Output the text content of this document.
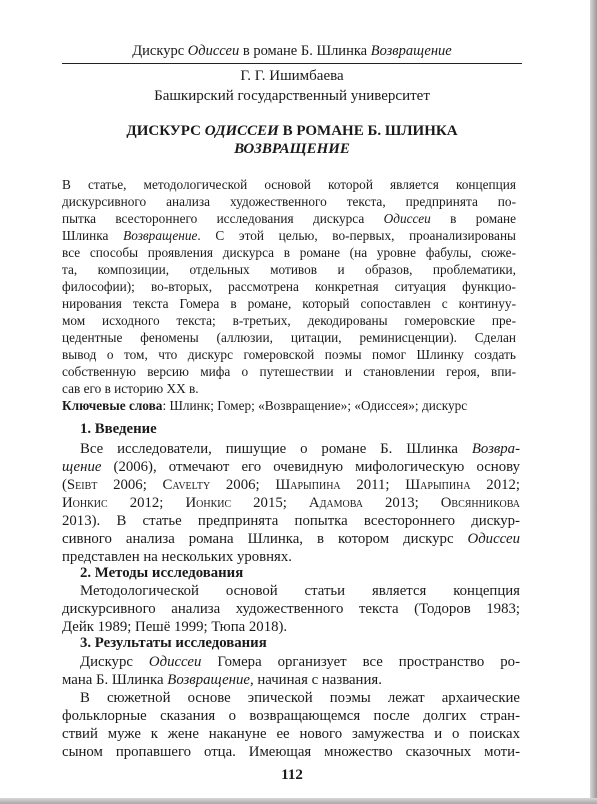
Дискурс Одиссеи в романе Б. Шлинка Возвращение
Г. Г. Ишимбаева
Башкирский государственный университет
ДИСКУРС ОДИССЕИ В РОМАНЕ Б. ШЛИНКА
ВОЗВРАЩЕНИЕ
В статье, методологической основой которой является концепция
дискурсивного анализа художественного текста, предпринята по-
пытка всестороннего исследования дискурса Одиссеи в романе
Шлинка Возвращение. С этой целью, во-первых, проанализированы
все способы проявления дискурса в романе (на уровне фабулы, сюже-
та, композиции, отдельных мотивов и образов, проблематики,
философии); во-вторых, рассмотрена конкретная ситуация функцио-
нирования текста Гомера в романе, который сопоставлен с континуу-
мом исходного текста; в-третьих, декодированы гомеровские пре-
цедентные феномены (аллюзии, цитации, реминисценции). Сделан
вывод о том, что дискурс гомеровской поэмы помог Шлинку создать
собственную версию мифа о путешествии и становлении героя, впи-
сав его в историю XX в.
Ключевые слова: Шлинк; Гомер; «Возвращение»; «Одиссея»; дискурс
1. Введение
Все исследователи, пишущие о романе Б. Шлинка Возвра-
щение (2006), отмечают его очевидную мифологическую основу
(Seibt 2006; Cavelty 2006; Шарыпина 2011; Шарыпина 2012;
Ионкис 2012; Ионкис 2015; Адамова 2013; Овсянникова
2013). В статье предпринята попытка всестороннего дискур-
сивного анализа романа Шлинка, в котором дискурс Одиссеи
представлен на нескольких уровнях.
2. Методы исследования
Методологической основой статьи является концепция
дискурсивного анализа художественного текста (Тодоров 1983;
Дейк 1989; Пешё 1999; Тюпа 2018).
3. Результаты исследования
Дискурс Одиссеи Гомера организует все пространство ро-
мана Б. Шлинка Возвращение, начиная с названия.
В сюжетной основе эпической поэмы лежат архаические
фольклорные сказания о возвращающемся после долгих стран-
ствий муже к жене накануне ее нового замужества и о поисках
сыном пропавшего отца. Имеющая множество сказочных моти-
112
